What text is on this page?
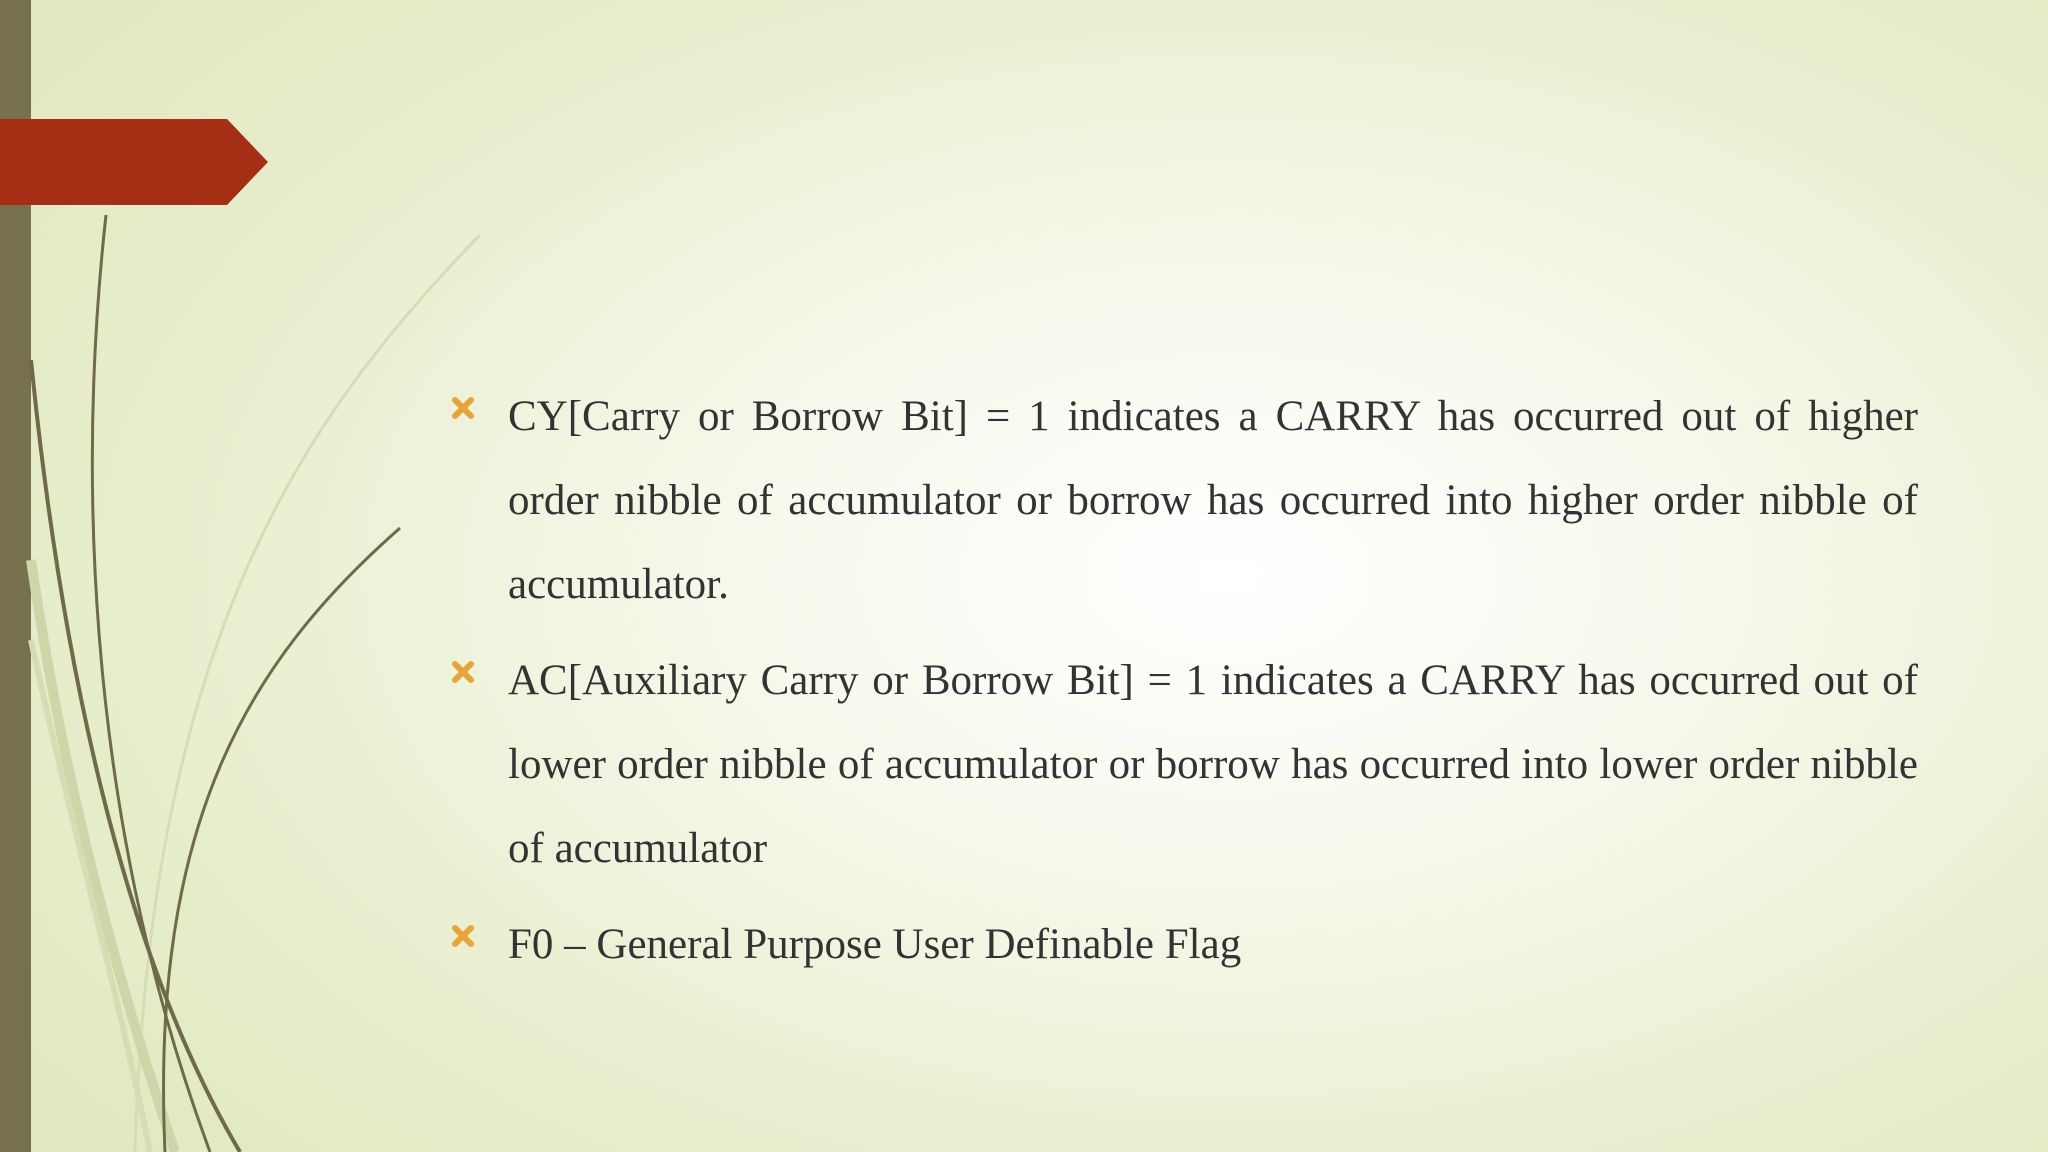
CY[Carry or Borrow Bit] = 1 indicates a CARRY has occurred out of higher order nibble of accumulator or borrow has occurred into higher order nibble of accumulator.
AC[Auxiliary Carry or Borrow Bit] = 1 indicates a CARRY has occurred out of lower order nibble of accumulator or borrow has occurred into lower order nibble of accumulator
F0 – General Purpose User Definable Flag
